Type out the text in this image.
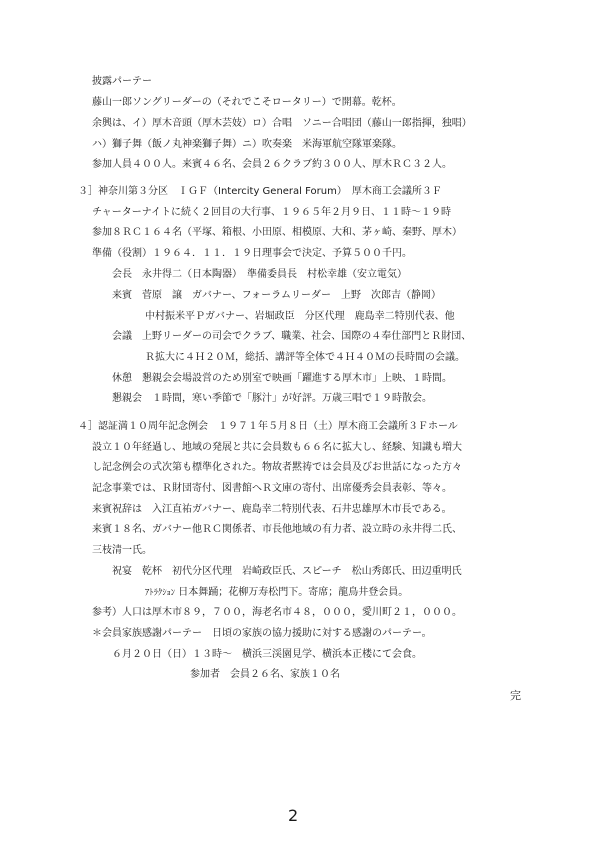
披露パーテー
藤山一郎ソングリーダーの（それでこそロータリー）で開幕。乾杯。
余興は、イ）厚木音頭（厚木芸妓）ロ）合唱　ソニー合唱団（藤山一郎指揮，独唱）
ハ）獅子舞（飯ノ丸神楽獅子舞）ニ）吹奏楽　米海軍航空隊軍楽隊。
参加人員４００人。来賓４６名、会員２６クラブ約３００人、厚木ＲＣ３２人。
３］神奈川第３分区　ＩＧＦ（Intercity General Forum）　厚木商工会議所３Ｆ
チャーターナイトに続く２回目の大行事、１９６５年２月９日、１１時～１９時
参加８ＲＣ１６４名（平塚、箱根、小田原、相模原、大和、茅ヶ崎、秦野、厚木）
準備（役割）１９６４．１１．１９日理事会で決定、予算５００千円。
会長　永井得二（日本陶器）　準備委員長　村松幸雄（安立電気）
来賓　菅原　譲　ガバナー、フォーラムリーダー　上野　次郎吉（静岡）
中村振米平Ｐガバナー、岩堀政臣　分区代理　鹿島幸二特別代表、他
会議　上野リーダーの司会でクラブ、職業、社会、国際の４奉仕部門とＲ財団、
Ｒ拡大に４Ｈ２０Ｍ，総括、講評等全体で４Ｈ４０Ｍの長時間の会議。
休憩　懇親会会場設営のため別室で映画「躍進する厚木市」上映、１時間。
懇親会　１時間，寒い季節で「豚汁」が好評。万歳三唱で１９時散会。
４］認証満１０周年記念例会　１９７１年５月８日（土）厚木商工会議所３Ｆホール
設立１０年経過し、地域の発展と共に会員数も６６名に拡大し、経験、知識も増大
し記念例会の式次第も標準化された。物故者黙祷では会員及びお世話になった方々
記念事業では、Ｒ財団寄付、図書館へＲ文庫の寄付、出席優秀会員表彰、等々。
来賓祝辞は　入江直祐ガバナー、鹿島幸二特別代表、石井忠雄厚木市長である。
来賓１８名、ガバナー他ＲＣ関係者、市長他地域の有力者、設立時の永井得二氏、
三枝清一氏。
祝宴　乾杯　初代分区代理　岩崎政臣氏、スピーチ　松山秀郎氏、田辺重明氏
ｱﾄﾗｸｼｮﾝ 日本舞踊；花柳万寿松門下。寄席；龍鳥井登会員。
参考）人口は厚木市８９，７００，海老名市４８，０００，愛川町２１，０００。
＊会員家族感謝パーテー　日頃の家族の協力援助に対する感謝のパーテー。
６月２０日（日）１３時～　横浜三渓園見学、横浜本正楼にて会食。
参加者　会員２６名、家族１０名
完
2
